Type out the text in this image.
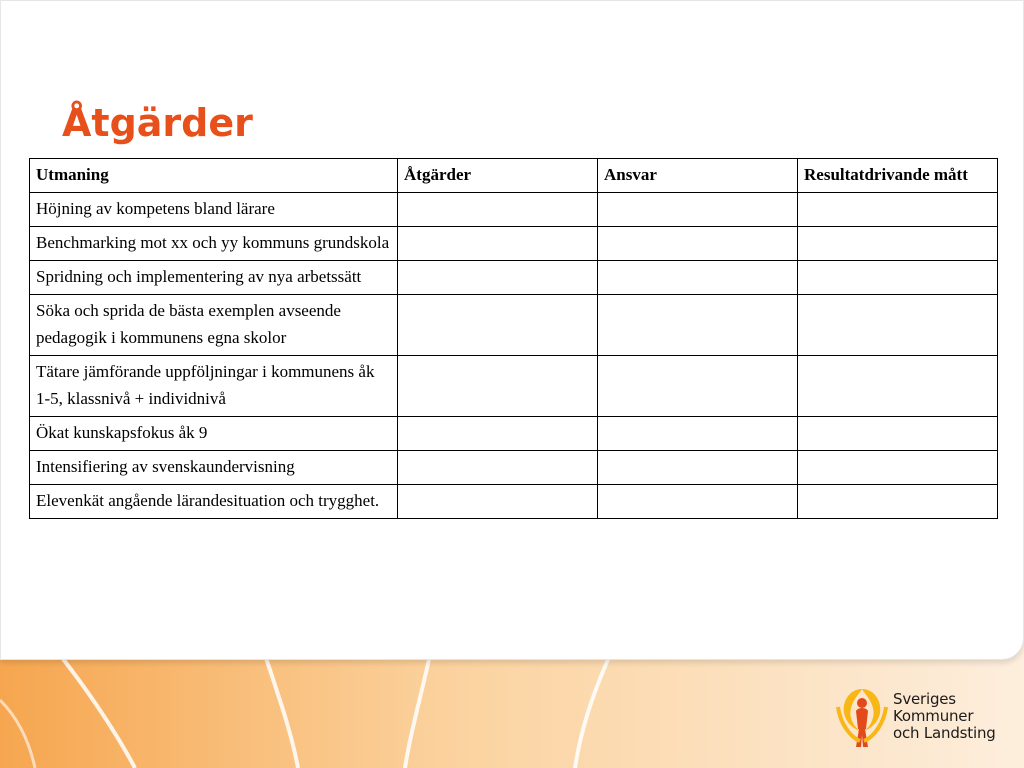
Åtgärder
Utmaning	Åtgärder	Ansvar	Resultatdrivande mått
Höjning av kompetens bland lärare			
Benchmarking mot xx och yy kommuns grundskola			
Spridning och implementering av nya arbetssätt			
Söka och sprida de bästa exemplen avseende pedagogik i kommunens egna skolor			
Tätare jämförande uppföljningar i kommunens åk 1-5, klassnivå + individnivå			
Ökat kunskapsfokus åk 9			
Intensifiering av svenskaundervisning			
Elevenkät angående lärandesituation och trygghet.			
Sveriges
Kommuner
och Landsting
